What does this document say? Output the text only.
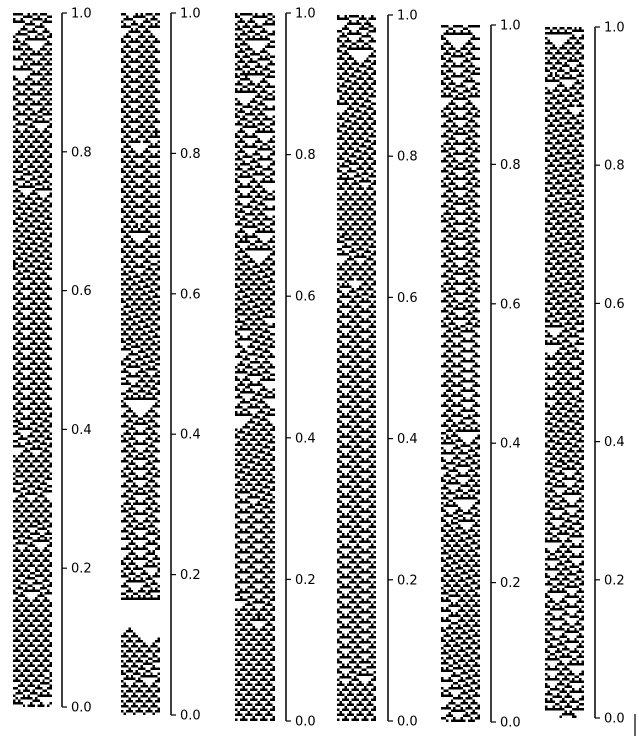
0.0
0.2
0.4
0.6
0.8
1.0
0.0
0.2
0.4
0.6
0.8
1.0
0.0
0.2
0.4
0.6
0.8
1.0
0.0
0.2
0.4
0.6
0.8
1.0
0.0
0.2
0.4
0.6
0.8
1.0
0.0
0.2
0.4
0.6
0.8
1.0
